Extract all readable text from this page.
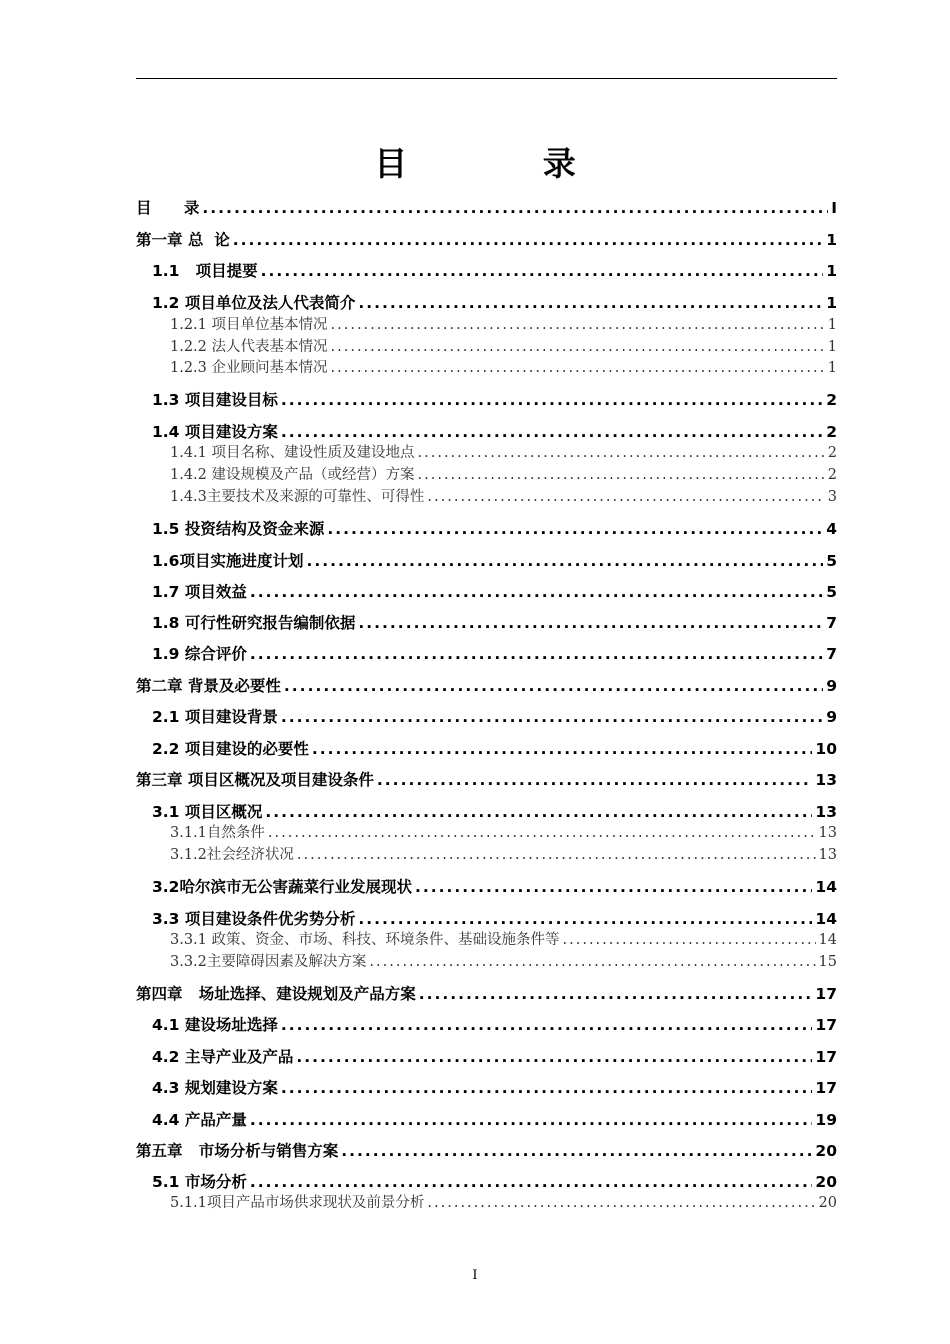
目 录
目      录 .....	I
第一章 总  论 .....	1
1.1   项目提要 .....	1
1.2 项目单位及法人代表简介 .....	1
1.2.1 项目单位基本情况 .....	1
1.2.2 法人代表基本情况 .....	1
1.2.3 企业顾问基本情况 .....	1
1.3 项目建设目标 .....	2
1.4 项目建设方案 .....	2
1.4.1 项目名称、建设性质及建设地点 .....	2
1.4.2 建设规模及产品（或经营）方案 .....	2
1.4.3主要技术及来源的可靠性、可得性 .....	3
1.5 投资结构及资金来源 .....	4
1.6项目实施进度计划 .....	5
1.7 项目效益 .....	5
1.8 可行性研究报告编制依据 .....	7
1.9 综合评价 .....	7
第二章 背景及必要性 .....	9
2.1 项目建设背景 .....	9
2.2 项目建设的必要性 .....	10
第三章 项目区概况及项目建设条件 .....	13
3.1 项目区概况 .....	13
3.1.1自然条件 .....	13
3.1.2社会经济状况 .....	13
3.2哈尔滨市无公害蔬菜行业发展现状 .....	14
3.3 项目建设条件优劣势分析 .....	14
3.3.1 政策、资金、市场、科技、环境条件、基础设施条件等 .....	14
3.3.2主要障碍因素及解决方案 .....	15
第四章   场址选择、建设规划及产品方案 .....	17
4.1 建设场址选择 .....	17
4.2 主导产业及产品 .....	17
4.3 规划建设方案 .....	17
4.4 产品产量 .....	19
第五章   市场分析与销售方案 .....	20
5.1 市场分析 .....	20
5.1.1项目产品市场供求现状及前景分析 .....	20
I
